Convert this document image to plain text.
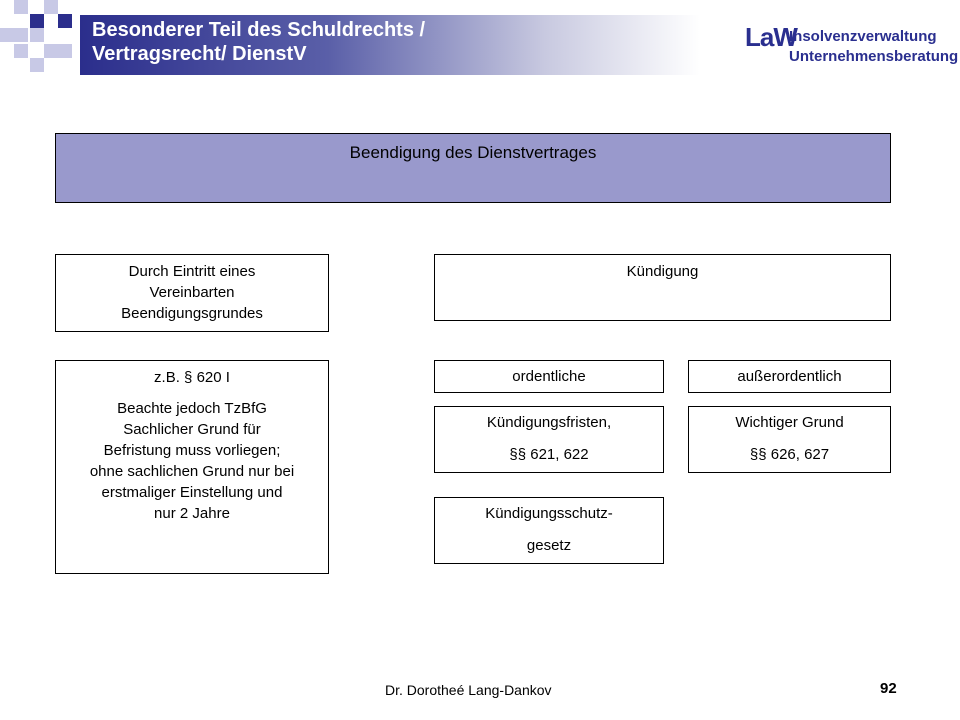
Besonderer Teil des Schuldrechts /
Vertragsrecht/ DienstV
LaW
Insolvenzverwaltung
Unternehmensberatung
Beendigung des Dienstvertrages

Durch Eintritt eines

Vereinbarten

Beendigungsgrundes

Kündigung

z.B. § 620 I

Beachte jedoch TzBfG

Sachlicher Grund für

Befristung muss vorliegen;

ohne sachlichen Grund nur bei

erstmaliger Einstellung und

nur 2 Jahre

ordentliche	außerordentlich

Kündigungsfristen,

§§ 621, 622

Wichtiger Grund

§§ 626, 627

Kündigungsschutz-

gesetz

Dr. Dorotheé Lang-Dankov	92
